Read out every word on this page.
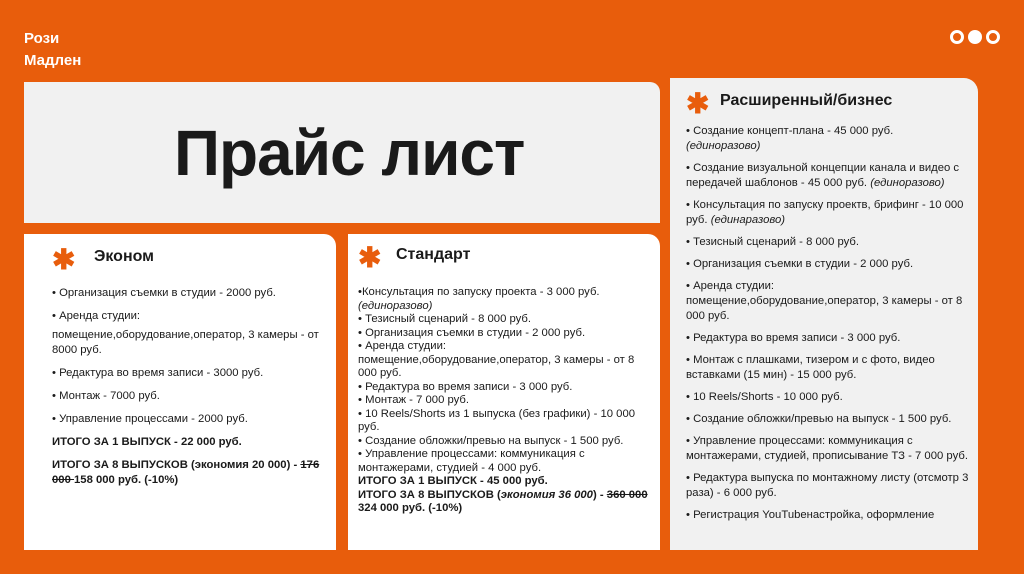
Рози
Мадлен
Прайс лист
✱ Эконом
• Организация съемки в студии - 2000 руб.
• Аренда студии:
помещение,оборудование,оператор, 3 камеры - от 8000 руб.
• Редактура во время записи - 3000 руб.
• Монтаж - 7000 руб.
• Управление процессами - 2000 руб.
ИТОГО ЗА 1 ВЫПУСК - 22 000 руб.
ИТОГО ЗА 8 ВЫПУСКОВ (экономия 20 000) - 176 000 158 000 руб. (-10%)
✱ Стандарт
•Консультация по запуску проекта - 3 000 руб.
(единоразово)
• Тезисный сценарий - 8 000 руб.
• Организация съемки в студии - 2 000 руб.
• Аренда студии:
помещение,оборудование,оператор, 3 камеры - от 8 000 руб.
• Редактура во время записи - 3 000 руб.
• Монтаж - 7 000 руб.
• 10 Reels/Shorts из 1 выпуска (без графики) - 10 000 руб.
• Создание обложки/превью на выпуск - 1 500 руб.
• Управление процессами: коммуникация с монтажерами, студией - 4 000 руб.
ИТОГО ЗА 1 ВЫПУСК - 45 000 руб.
ИТОГО ЗА 8 ВЫПУСКОВ (экономия 36 000) - 360 000 324 000 руб. (-10%)
✱ Расширенный/бизнес
• Создание концепт-плана - 45 000 руб. (единоразово)
• Создание визуальной концепции канала и видео с передачей шаблонов - 45 000 руб. (единоразово)
• Консультация по запуску проектв, брифинг - 10 000 руб. (единаразово)
• Тезисный сценарий - 8 000 руб.
• Организация съемки в студии - 2 000 руб.
• Аренда студии: помещение,оборудование,оператор, 3 камеры - от 8 000 руб.
• Редактура во время записи - 3 000 руб.
• Монтаж с плашками, тизером и с фото, видео вставками (15 мин) - 15 000 руб.
• 10 Reels/Shorts - 10 000 руб.
• Создание обложки/превью на выпуск - 1 500 руб.
• Управление процессами: коммуникация с монтажерами, студией, прописывание ТЗ - 7 000 руб.
• Редактура выпуска по монтажному листу (отсмотр 3 раза) - 6 000 руб.
• Регистрация YouTubeнастройка, оформление
